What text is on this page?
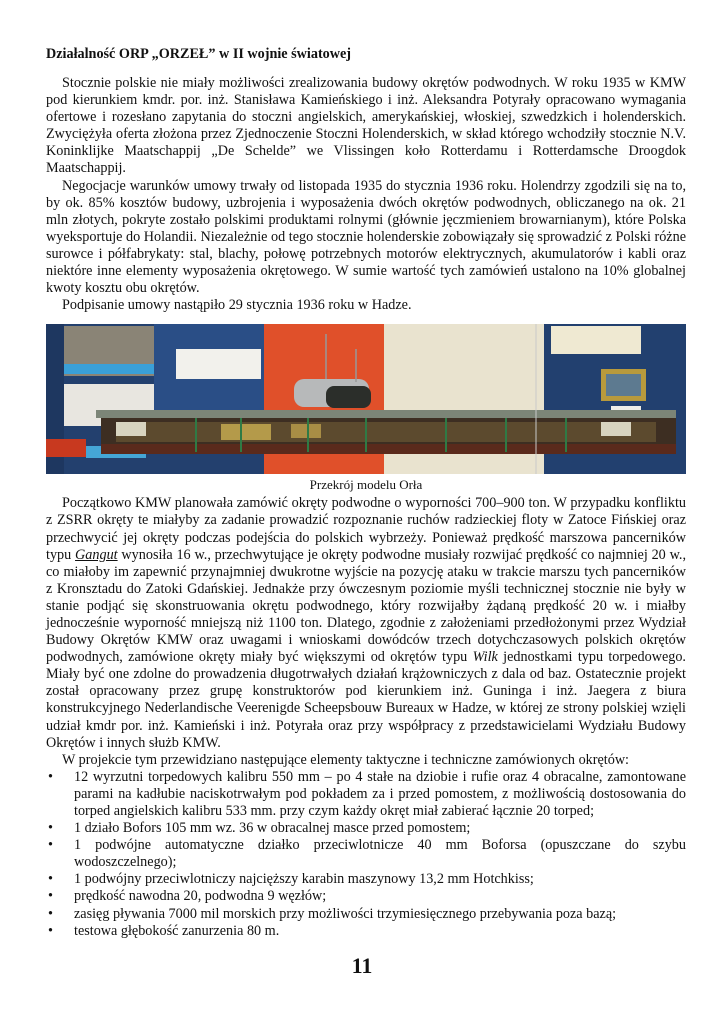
Działalność ORP „ORZEŁ” w II wojnie światowej

Stocznie polskie nie miały możliwości zrealizowania budowy okrętów podwodnych. W roku 1935 w KMW pod kierunkiem kmdr. por. inż. Stanisława Kamieńskiego i inż. Aleksandra Potyrały opracowano wymagania ofertowe i rozesłano zapytania do stoczni angielskich, amerykańskiej, włoskiej, szwedzkich i holenderskich. Zwyciężyła oferta złożona przez Zjednoczenie Stoczni Holenderskich, w skład którego wchodziły stocznie N.V. Koninklijke Maatschappij „De Schelde” we Vlissingen koło Rotterdamu i Rotterdamsche Droogdok Maatschappij.

Negocjacje warunków umowy trwały od listopada 1935 do stycznia 1936 roku. Holendrzy zgodzili się na to, by ok. 85% kosztów budowy, uzbrojenia i wyposażenia dwóch okrętów podwodnych, obliczanego na ok. 21 mln złotych, pokryte zostało polskimi produktami rolnymi (głównie jęczmieniem browarnianym), które Polska wyeksportuje do Holandii. Niezależnie od tego stocznie holenderskie zobowiązały się sprowadzić z Polski różne surowce i półfabrykaty: stal, blachy, połowę potrzebnych motorów elektrycznych, akumulatorów i kabli oraz niektóre inne elementy wyposażenia okrętowego. W sumie wartość tych zamówień ustalono na 10% globalnej kwoty kosztu obu okrętów.

Podpisanie umowy nastąpiło 29 stycznia 1936 roku w Hadze.

Przekrój modelu Orła

Początkowo KMW planowała zamówić okręty podwodne o wyporności 700–900 ton. W przypadku konfliktu z ZSRR okręty te miałyby za zadanie prowadzić rozpoznanie ruchów radzieckiej floty w Zatoce Fińskiej oraz przechwycić jej okręty podczas podejścia do polskich wybrzeży. Ponieważ prędkość marszowa pancerników typu Gangut wynosiła 16 w., przechwytujące je okręty podwodne musiały rozwijać prędkość co najmniej 20 w., co miałoby im zapewnić przynajmniej dwukrotne wyjście na pozycję ataku w trakcie marszu tych pancerników z Kronsztadu do Zatoki Gdańskiej. Jednakże przy ówczesnym poziomie myśli technicznej stocznie nie były w stanie podjąć się skonstruowania okrętu podwodnego, który rozwijałby żądaną prędkość 20 w. i miałby jednocześnie wyporność mniejszą niż 1100 ton. Dlatego, zgodnie z założeniami przedłożonymi przez Wydział Budowy Okrętów KMW oraz uwagami i wnioskami dowódców trzech dotychczasowych polskich okrętów podwodnych, zamówione okręty miały być większymi od okrętów typu Wilk jednostkami typu torpedowego. Miały być one zdolne do prowadzenia długotrwałych działań krążowniczych z dala od baz. Ostatecznie projekt został opracowany przez grupę konstruktorów pod kierunkiem inż. Guninga i inż. Jaegera z biura konstrukcyjnego Nederlandische Veerenigde Scheepsbouw Bureaux w Hadze, w której ze strony polskiej wzięli udział kmdr por. inż. Kamieński i inż. Potyrała oraz przy współpracy z przedstawicielami Wydziału Budowy Okrętów i innych służb KMW.

W projekcie tym przewidziano następujące elementy taktyczne i techniczne zamówionych okrętów:

• 12 wyrzutni torpedowych kalibru 550 mm – po 4 stałe na dziobie i rufie oraz 4 obracalne, zamontowane parami na kadłubie naciskotrwałym pod pokładem za i przed pomostem, z możliwością dostosowania do torped angielskich kalibru 533 mm. przy czym każdy okręt miał zabierać łącznie 20 torped;
• 1 działo Bofors 105 mm wz. 36 w obracalnej masce przed pomostem;
• 1 podwójne automatyczne działko przeciwlotnicze 40 mm Boforsa (opuszczane do szybu wodoszczelnego);
• 1 podwójny przeciwlotniczy najcięższy karabin maszynowy 13,2 mm Hotchkiss;
• prędkość nawodna 20, podwodna 9 węzłów;
• zasięg pływania 7000 mil morskich przy możliwości trzymiesięcznego przebywania poza bazą;
• testowa głębokość zanurzenia 80 m.
11
